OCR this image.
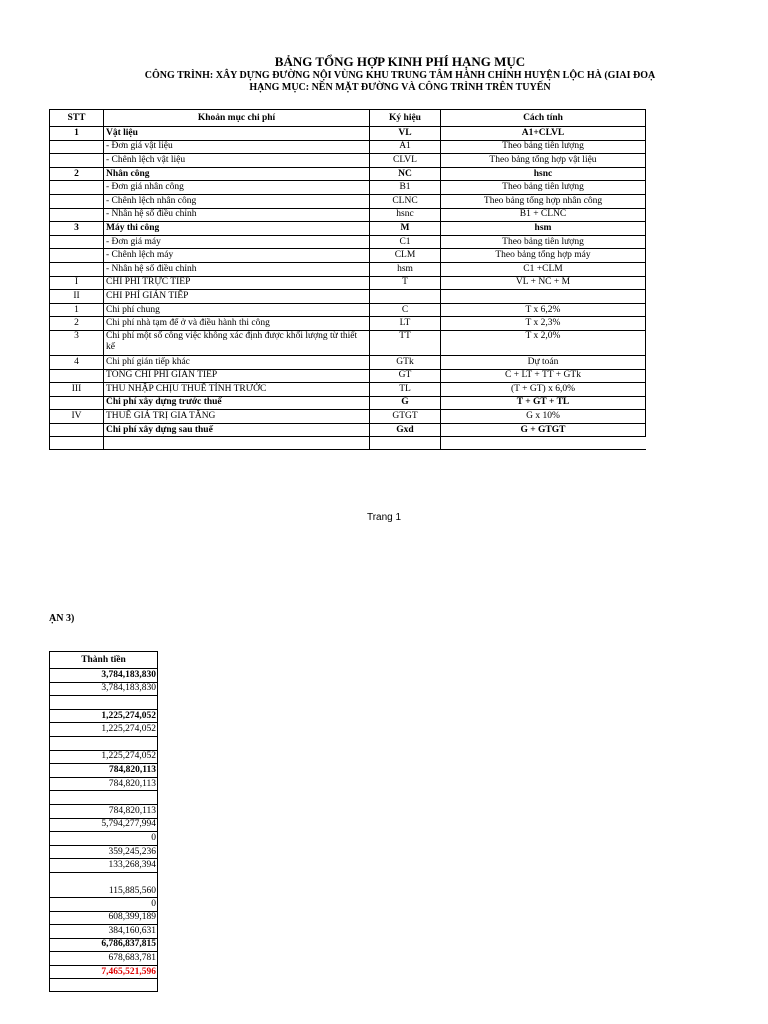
BẢNG TỔNG HỢP KINH PHÍ HẠNG MỤC
CÔNG TRÌNH: XÂY DỰNG ĐƯỜNG NỘI VÙNG KHU TRUNG TÂM HÀNH CHÍNH HUYỆN LỘC HÀ (GIAI ĐOẠ
HẠNG MỤC: NỀN MẶT ĐƯỜNG VÀ CÔNG TRÌNH TRÊN TUYẾN
STT	Khoản mục chi phí	Ký hiệu	Cách tính
1	Vật liệu	VL	A1+CLVL
	- Đơn giá vật liệu	A1	Theo bảng tiên lượng
	- Chênh lệch vật liệu	CLVL	Theo bảng tổng hợp vật liệu
2	Nhân công	NC	hsnc
	- Đơn giá nhân công	B1	Theo bảng tiên lượng
	- Chênh lệch nhân công	CLNC	Theo bảng tổng hợp nhân công
	- Nhân hệ số điều chỉnh	hsnc	B1 + CLNC
3	Máy thi công	M	hsm
	- Đơn giá máy	C1	Theo bảng tiên lượng
	- Chênh lệch máy	CLM	Theo bảng tổng hợp máy
	- Nhân hệ số điều chỉnh	hsm	C1 +CLM
I	CHI PHÍ TRỰC TIẾP	T	VL + NC + M
II	CHI PHÍ GIÁN TIẾP		
1	Chi phí chung	C	T x 6,2%
2	Chi phí nhà tạm để ở và điều hành thi công	LT	T x 2,3%
3	Chi phí một số công việc không xác định được khối lượng từ thiết kế	TT	T x 2,0%
4	Chi phí gián tiếp khác	GTk	Dự toán
	TỔNG CHI PHÍ GIÁN TIẾP	GT	C + LT + TT + GTk
III	THU NHẬP CHỊU THUẾ TÍNH TRƯỚC	TL	(T + GT) x 6,0%
	Chi phí xây dựng trước thuế	G	T + GT + TL
IV	THUẾ GIÁ TRỊ GIA TĂNG	GTGT	G x 10%
	Chi phí xây dựng sau thuế	Gxd	G + GTGT

Trang 1
ẠN 3)
Thành tiền
3,784,183,830
3,784,183,830

1,225,274,052
1,225,274,052

1,225,274,052
784,820,113
784,820,113

784,820,113
5,794,277,994
0
359,245,236
133,268,394
115,885,560
0
608,399,189
384,160,631
6,786,837,815
678,683,781
7,465,521,596
